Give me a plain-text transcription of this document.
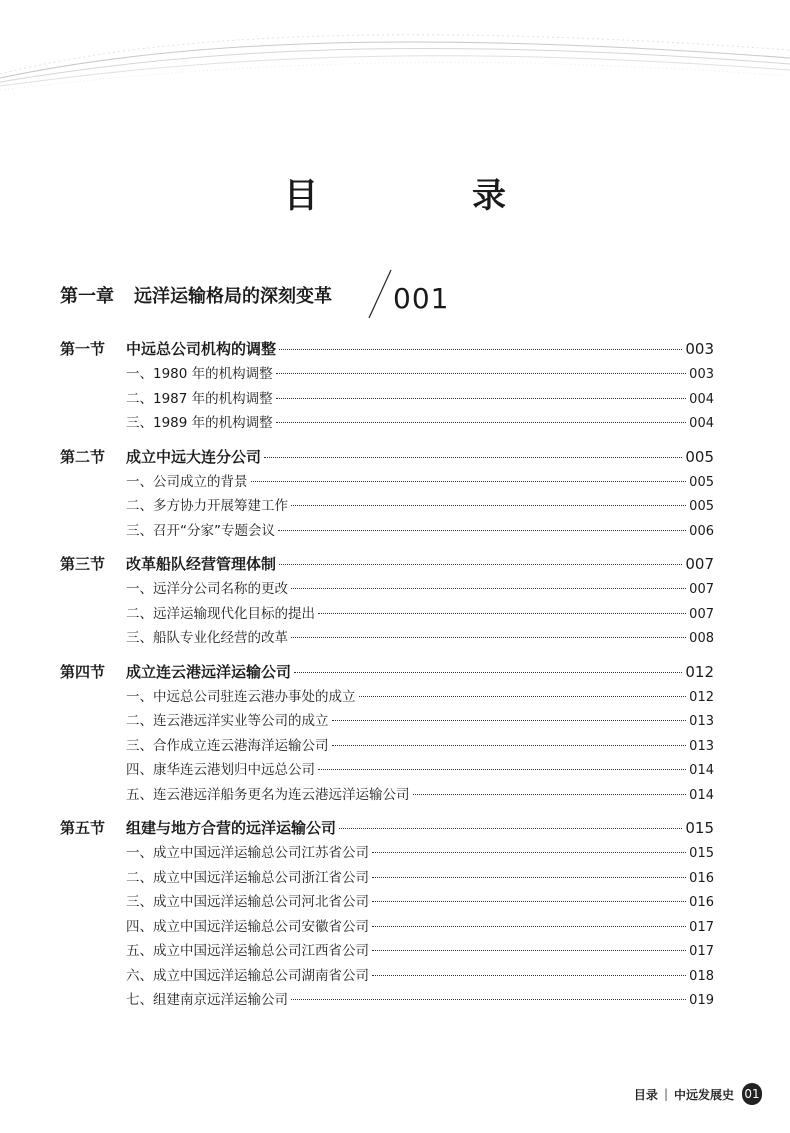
目　录
第一章 远洋运输格局的深刻变革 001
第一节	中远总公司机构的调整	003
一、1980 年的机构调整	003
二、1987 年的机构调整	004
三、1989 年的机构调整	004
第二节	成立中远大连分公司	005
一、公司成立的背景	005
二、多方协力开展筹建工作	005
三、召开“分家”专题会议	006
第三节	改革船队经营管理体制	007
一、远洋分公司名称的更改	007
二、远洋运输现代化目标的提出	007
三、船队专业化经营的改革	008
第四节	成立连云港远洋运输公司	012
一、中远总公司驻连云港办事处的成立	012
二、连云港远洋实业等公司的成立	013
三、合作成立连云港海洋运输公司	013
四、康华连云港划归中远总公司	014
五、连云港远洋船务更名为连云港远洋运输公司	014
第五节	组建与地方合营的远洋运输公司	015
一、成立中国远洋运输总公司江苏省公司	015
二、成立中国远洋运输总公司浙江省公司	016
三、成立中国远洋运输总公司河北省公司	016
四、成立中国远洋运输总公司安徽省公司	017
五、成立中国远洋运输总公司江西省公司	017
六、成立中国远洋运输总公司湖南省公司	018
七、组建南京远洋运输公司	019
目录 | 中远发展史 01
